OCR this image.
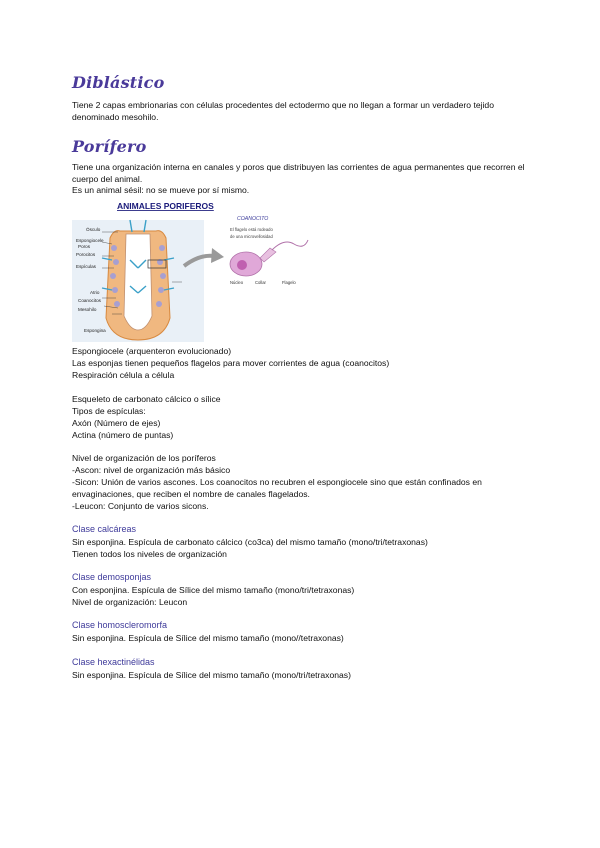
Diblástico

Tiene 2 capas embrionarias con células procedentes del ectodermo que no llegan a formar un verdadero tejido denominado mesohilo.

Porífero

Tiene una organización interna en canales y poros que distribuyen las corrientes de agua permanentes que recorren el cuerpo del animal.

Es un animal sésil: no se mueve por sí mismo.

ANIMALES PORIFEROS
Ósculo
Espongiocele
Poros
Porocitos
Espículas
Atrio
Coanocitos
Mesohilo
Espongina
COANOCITO
El flagelo está rodeado
de una microvellosidad
Núcleo	Collar	Flagelo

Espongiocele (arquenteron evolucionado)

Las esponjas tienen pequeños flagelos para mover corrientes de agua (coanocitos)

Respiración célula a célula

Esqueleto de carbonato cálcico o sílice

Tipos de espículas:

Axón (Número de ejes)

Actina (número de puntas)

Nivel de organización de los poríferos

-Ascon: nivel de organización más básico

-Sicon: Unión de varios ascones. Los coanocitos no recubren el espongiocele sino que están confinados en envaginaciones, que reciben el nombre de canales flagelados.

-Leucon: Conjunto de varios sicons.

Clase calcáreas

Sin esponjina. Espícula de carbonato cálcico (co3ca) del mismo tamaño (mono/tri/tetraxonas)

Tienen todos los niveles de organización

Clase demosponjas

Con esponjina. Espícula de Sílice del mismo tamaño (mono/tri/tetraxonas)

Nivel de organización: Leucon

Clase homoscleromorfa

Sin esponjina. Espícula de Sílice del mismo tamaño (mono//tetraxonas)

Clase hexactinélidas

Sin esponjina. Espícula de Sílice del mismo tamaño (mono/tri/tetraxonas)
